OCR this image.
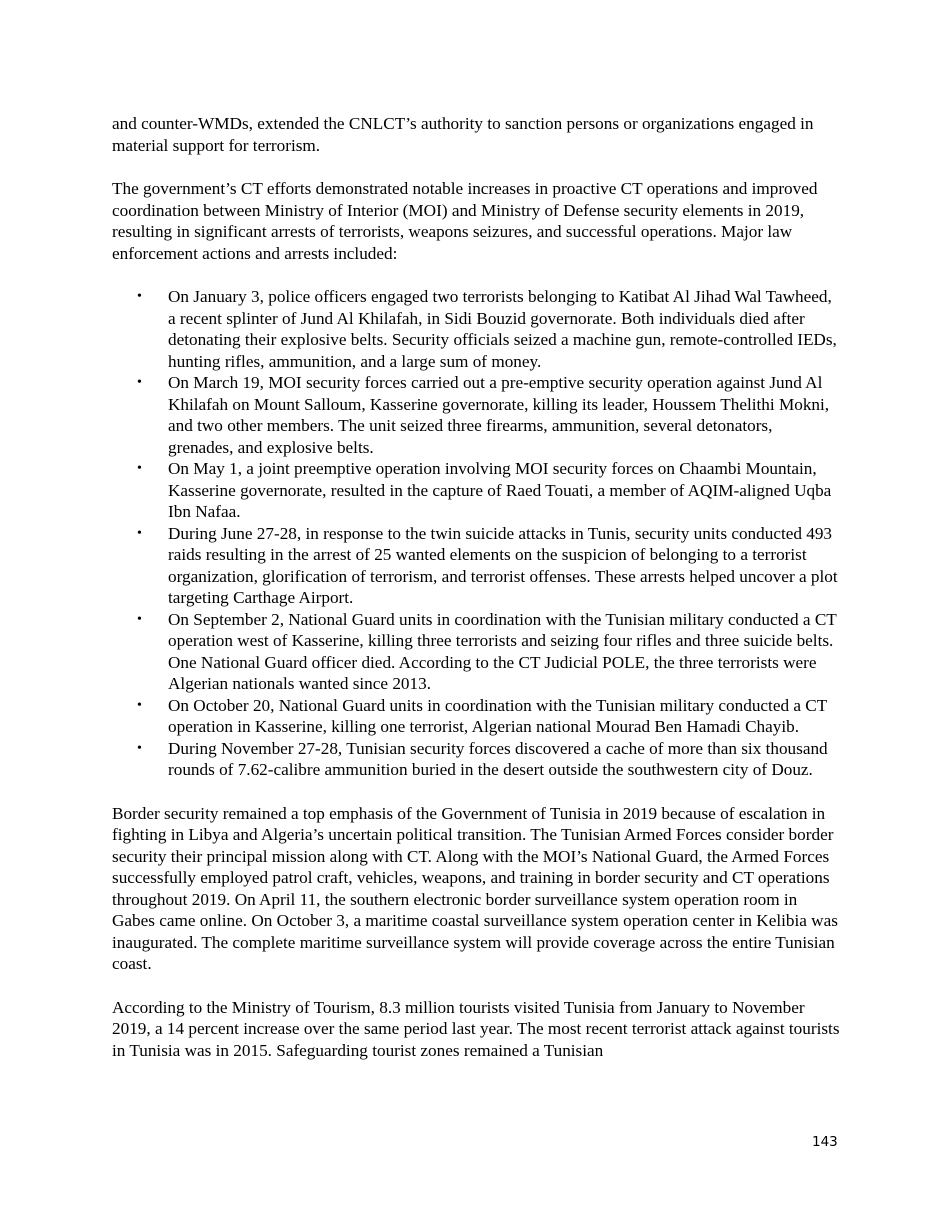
and counter-WMDs, extended the CNLCT’s authority to sanction persons or organizations engaged in material support for terrorism.

The government’s CT efforts demonstrated notable increases in proactive CT operations and improved coordination between Ministry of Interior (MOI) and Ministry of Defense security elements in 2019, resulting in significant arrests of terrorists, weapons seizures, and successful operations. Major law enforcement actions and arrests included:

• On January 3, police officers engaged two terrorists belonging to Katibat Al Jihad Wal Tawheed, a recent splinter of Jund Al Khilafah, in Sidi Bouzid governorate. Both individuals died after detonating their explosive belts. Security officials seized a machine gun, remote-controlled IEDs, hunting rifles, ammunition, and a large sum of money.
• On March 19, MOI security forces carried out a pre-emptive security operation against Jund Al Khilafah on Mount Salloum, Kasserine governorate, killing its leader, Houssem Thelithi Mokni, and two other members. The unit seized three firearms, ammunition, several detonators, grenades, and explosive belts.
• On May 1, a joint preemptive operation involving MOI security forces on Chaambi Mountain, Kasserine governorate, resulted in the capture of Raed Touati, a member of AQIM-aligned Uqba Ibn Nafaa.
• During June 27-28, in response to the twin suicide attacks in Tunis, security units conducted 493 raids resulting in the arrest of 25 wanted elements on the suspicion of belonging to a terrorist organization, glorification of terrorism, and terrorist offenses. These arrests helped uncover a plot targeting Carthage Airport.
• On September 2, National Guard units in coordination with the Tunisian military conducted a CT operation west of Kasserine, killing three terrorists and seizing four rifles and three suicide belts. One National Guard officer died. According to the CT Judicial POLE, the three terrorists were Algerian nationals wanted since 2013.
• On October 20, National Guard units in coordination with the Tunisian military conducted a CT operation in Kasserine, killing one terrorist, Algerian national Mourad Ben Hamadi Chayib.
• During November 27-28, Tunisian security forces discovered a cache of more than six thousand rounds of 7.62-calibre ammunition buried in the desert outside the southwestern city of Douz.

Border security remained a top emphasis of the Government of Tunisia in 2019 because of escalation in fighting in Libya and Algeria’s uncertain political transition. The Tunisian Armed Forces consider border security their principal mission along with CT. Along with the MOI’s National Guard, the Armed Forces successfully employed patrol craft, vehicles, weapons, and training in border security and CT operations throughout 2019. On April 11, the southern electronic border surveillance system operation room in Gabes came online. On October 3, a maritime coastal surveillance system operation center in Kelibia was inaugurated. The complete maritime surveillance system will provide coverage across the entire Tunisian coast.

According to the Ministry of Tourism, 8.3 million tourists visited Tunisia from January to November 2019, a 14 percent increase over the same period last year. The most recent terrorist attack against tourists in Tunisia was in 2015. Safeguarding tourist zones remained a Tunisian

143
